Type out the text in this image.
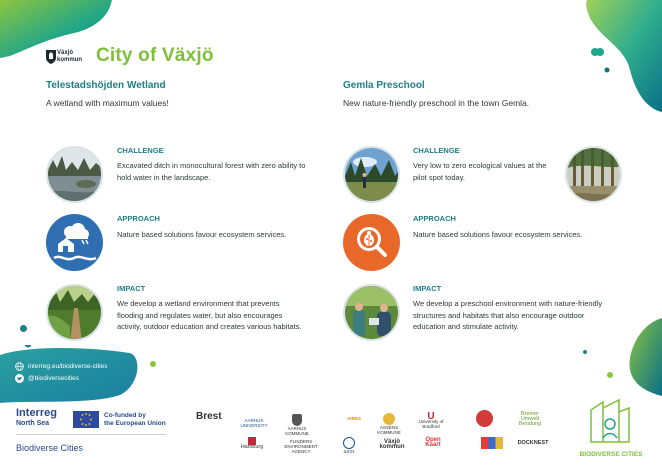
Växjö
kommun City of Växjö
Telestadshöjden Wetland
A wetland with maximum values!
CHALLENGE
Excavated ditch in monocultural forest with zero ability to hold water in the landscape.
APPROACH
Nature based solutions favour ecosystem services.
IMPACT
We develop a wetland environment that prevents flooding and regulates water, but also encourages activity, outdoor education and creates various habitats.
Gemla Preschool
New nature-friendly preschool in the town Gemla.
CHALLENGE
Very low to zero ecological values at the pilot spot today.
APPROACH
Nature based solutions favour ecosystem services.
IMPACT
We develop a preschool environment with nature-friendly structures and habitats that also encourage outdoor education and stimulate activity.
interreg.eu/biodiverse-cities
@biodiversecities
Interreg
North Sea
Co-funded by
the European Union
Biodiverse Cities
Brest	AARHUS UNIVERSITY
AARHUS KOMMUNE
AIRES
ASSENS KOMMUNE
U
University of Bradford
Bremer Umwelt Beratung
Hamburg
FLINDERS ENVIRONMENT AGENCY	IUCN
Växjö kommun
Open Kaart	DOCKNEST
BIODIVERSE CITIES
